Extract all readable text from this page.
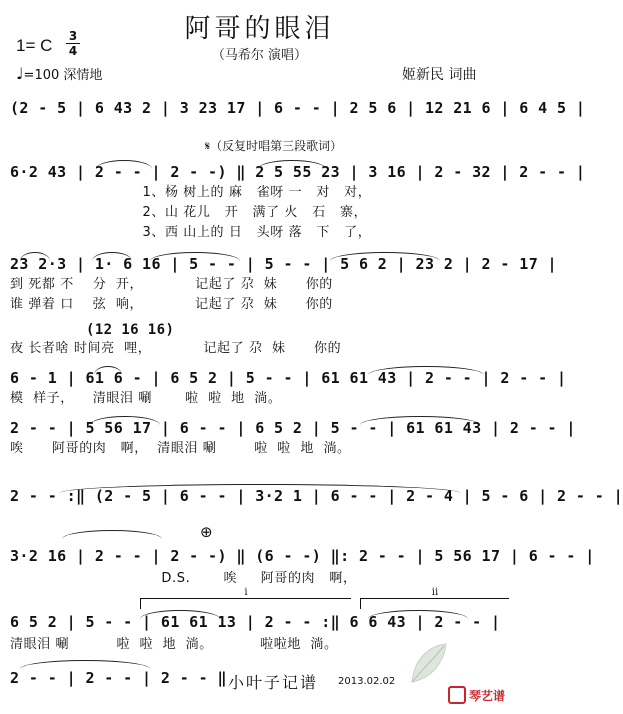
阿哥的眼泪
（马希尔 演唱）
1= C 3
4
♩=100 深情地	姬新民 词曲
𝄋（反复时唱第三段歌词）
(2 - 5 | 6 43 2 | 3 23 17 | 6 - - | 2 5 6 | 12 21 6 | 6 4 5 |
6·2 43 | 2 - - | 2 - -) ‖ 2 5 55 23 | 3 16 | 2 - 32 | 2 - - |
1、杨 树上的 麻   雀呀 一   对   对，
2、山 花儿   开   满了 火   石   寨，
3、西 山上的 日   头呀 落   下   了，
23 2·3 | 1· 6 16 | 5 - - | 5 - - | 5 6 2 | 23 2 | 2 - 17 |
到 死都 不    分  开，           记起了 尕  妹      你的
谁 弹着 口    弦  响，           记起了 尕  妹      你的
(12 16 16)
夜 长者啥 时间亮  哩，           记起了 尕  妹      你的
6 - 1 | 61 6 - | 6 5 2 | 5 - - | 61 61 43 | 2 - - | 2 - - |
模  样子，    清眼泪 唰       啦  啦  地  淌。
2 - - | 5 56 17 | 6 - - | 6 5 2 | 5 - - | 61 61 43 | 2 - - |
唉      阿哥的肉   啊，  清眼泪 唰        啦  啦  地  淌。
2 - - :‖ (2 - 5 | 6 - - | 3·2 1 | 6 - - | 2 - 4 | 5 - 6 | 2 - - |
⊕
3·2 16 | 2 - - | 2 - -) ‖ (6 - -) ‖: 2 - - | 5 56 17 | 6 - - |
D.S.       唉     阿哥的肉   啊，
i	ii
6 5 2 | 5 - - | 61 61 13 | 2 - - :‖ 6 6 43 | 2 - - |
清眼泪 唰          啦  啦  地  淌。          啦啦地  淌。
2 - - | 2 - - | 2 - - ‖ 小叶子记谱 2013.02.02
琴艺谱
